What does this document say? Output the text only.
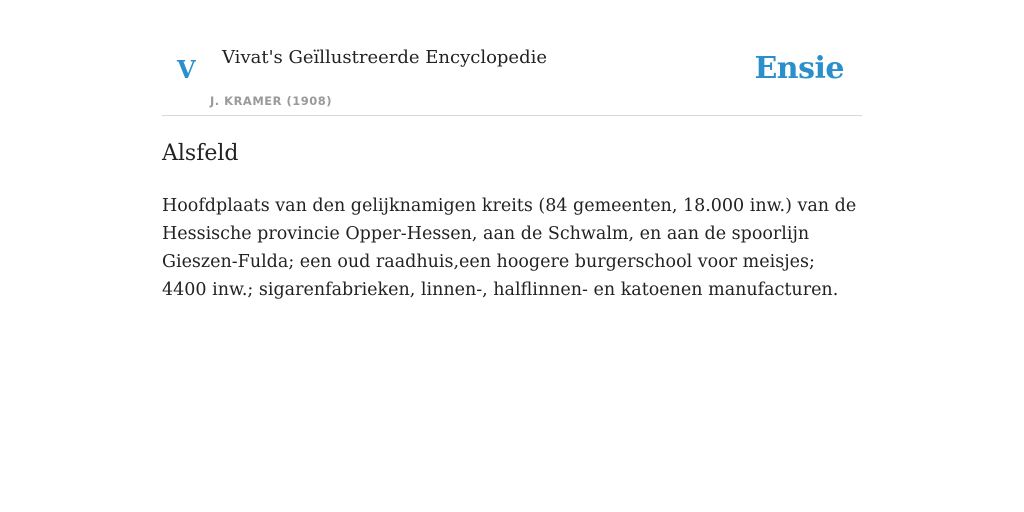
V Vivat's Geïllustreerde Encyclopedie
J. KRAMER (1908)
Ensie
Alsfeld

Hoofdplaats van den gelijknamigen kreits (84 gemeenten, 18.000 inw.) van de Hessische provincie Opper-Hessen, aan de Schwalm, en aan de spoorlijn Gieszen-Fulda; een oud raadhuis,een hoogere burgerschool voor meisjes; 4400 inw.; sigarenfabrieken, linnen-, halflinnen- en katoenen manufacturen.
